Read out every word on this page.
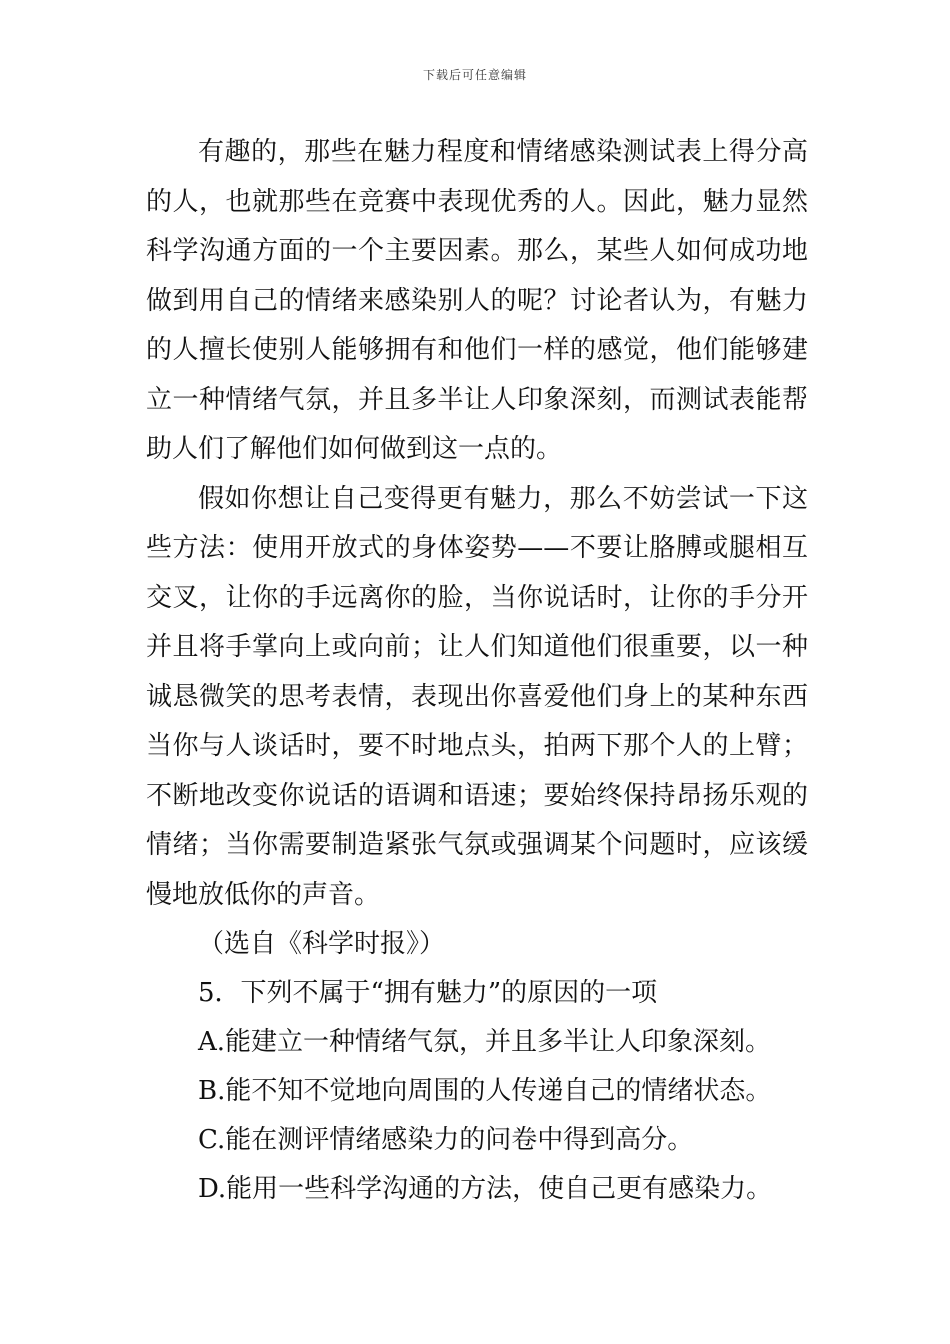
下载后可任意编辑

有趣的，那些在魅力程度和情绪感染测试表上得分高的人，也就那些在竞赛中表现优秀的人。因此，魅力显然科学沟通方面的一个主要因素。那么，某些人如何成功地做到用自己的情绪来感染别人的呢？讨论者认为，有魅力的人擅长使别人能够拥有和他们一样的感觉，他们能够建立一种情绪气氛，并且多半让人印象深刻，而测试表能帮助人们了解他们如何做到这一点的。

假如你想让自己变得更有魅力，那么不妨尝试一下这些方法：使用开放式的身体姿势——不要让胳膊或腿相互交叉，让你的手远离你的脸，当你说话时，让你的手分开并且将手掌向上或向前；让人们知道他们很重要，以一种诚恳微笑的思考表情，表现出你喜爱他们身上的某种东西当你与人谈话时，要不时地点头，拍两下那个人的上臂；不断地改变你说话的语调和语速；要始终保持昂扬乐观的情绪；当你需要制造紧张气氛或强调某个问题时，应该缓慢地放低你的声音。

（选自《科学时报》）

5．下列不属于“拥有魅力”的原因的一项

A.能建立一种情绪气氛，并且多半让人印象深刻。

B.能不知不觉地向周围的人传递自己的情绪状态。

C.能在测评情绪感染力的问卷中得到高分。

D.能用一些科学沟通的方法，使自己更有感染力。
